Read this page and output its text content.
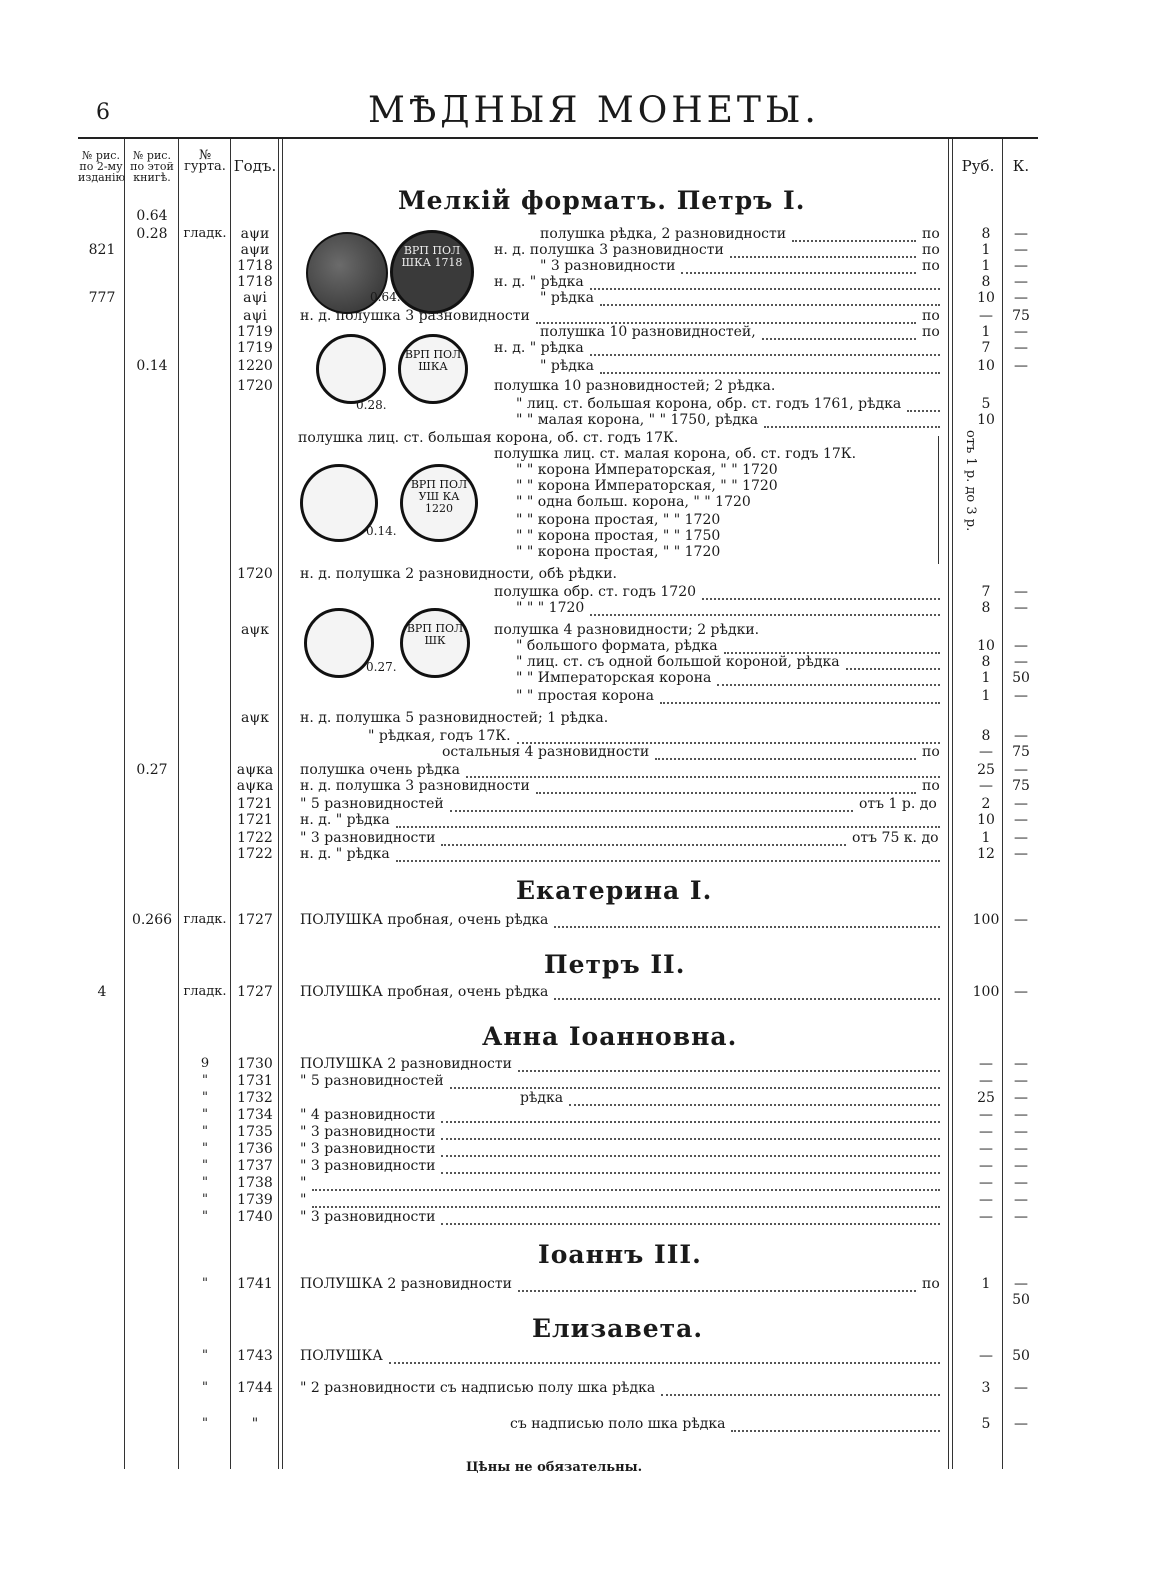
6	МѢДНЫЯ МОНЕТЫ.
№ рис. по 2-му изданію
№ рис. по этой книгѣ.
№ гурта. Годъ.	Руб.	К.
Мелкій форматъ. Петръ I.
Екатерина I.
Петръ II.
Анна Іоанновна.
Іоаннъ III.
Елизавета.
ВРП ПОЛ ШКА 1718
0.64.
ВРП ПОЛ ШКА
0.28.
ВРП ПОЛ УШ КА 1220
0.14.
ВРП ПОЛ ШК
0.27.
отъ 1 р. до 3 р.
0.64
0.28	гладк.	аψи	полушка рѣдка, 2 разновидности	по	8	—
821	аψи	н. д. полушка 3 разновидности	по	1	—
1718	" 3 разновидности	по	1	—
1718	н. д. " рѣдка	8	—
777	аψі	" рѣдка	10	—
аψі	н. д. полушка 3 разновидности	по	—	75
1719	полушка 10 разновидностей,	по	1	—
1719	н. д. " рѣдка	7	—
0.14	1220	" рѣдка	10	—
1720	полушка 10 разновидностей; 2 рѣдка.
" лиц. ст. большая корона, обр. ст. годъ 1761, рѣдка	5
" " малая корона, " " 1750, рѣдка	10
полушка лиц. ст. большая корона, об. ст. годъ 17К.
полушка лиц. ст. малая корона, об. ст. годъ 17К.
" " корона Императорская, " " 1720
" " корона Императорская, " " 1720
" " одна больш. корона, " " 1720
" " корона простая, " " 1720
" " корона простая, " " 1750
" " корона простая, " " 1720
1720	н. д. полушка 2 разновидности, обѣ рѣдки.
полушка обр. ст. годъ 1720	7	—
" " " 1720	8	—
аψк	полушка 4 разновидности; 2 рѣдки.
" большого формата, рѣдка	10	—
" лиц. ст. съ одной большой короной, рѣдка	8	—
" " Императорская корона	1	50
" " простая корона	1	—
аψк	н. д. полушка 5 разновидностей; 1 рѣдка.
" рѣдкая, годъ 17К.	8	—
остальныя 4 разновидности	по	—	75
0.27	аψка	полушка очень рѣдка	25	—
аψка	н. д. полушка 3 разновидности	по	—	75
1721	" 5 разновидностей	отъ 1 р. до	2	—
1721	н. д. " рѣдка	10	—
1722	" 3 разновидности	отъ 75 к. до	1	—
1722	н. д. " рѣдка	12	—
0.266 гладк. 1727	ПОЛУШКА пробная, очень рѣдка	100	—
4	гладк. 1727	ПОЛУШКА пробная, очень рѣдка	100	—
9	1730	ПОЛУШКА 2 разновидности	—	—
"	1731	" 5 разновидностей	—	—
"	1732	рѣдка	25	—
"	1734	" 4 разновидности	—	—
"	1735	" 3 разновидности	—	—
"	1736	" 3 разновидности	—	—
"	1737	" 3 разновидности	—	—
"	1738	"	—	—
"	1739	"	—	—
"	1740	" 3 разновидности	—	—
"	1741	ПОЛУШКА 2 разновидности	по	1	— 50
"	1743	ПОЛУШКА	—	50
"	1744	" 2 разновидности съ надписью полу шка рѣдка	3	—
"	"	съ надписью поло шка рѣдка	5	—
Цѣны не обязательны.
